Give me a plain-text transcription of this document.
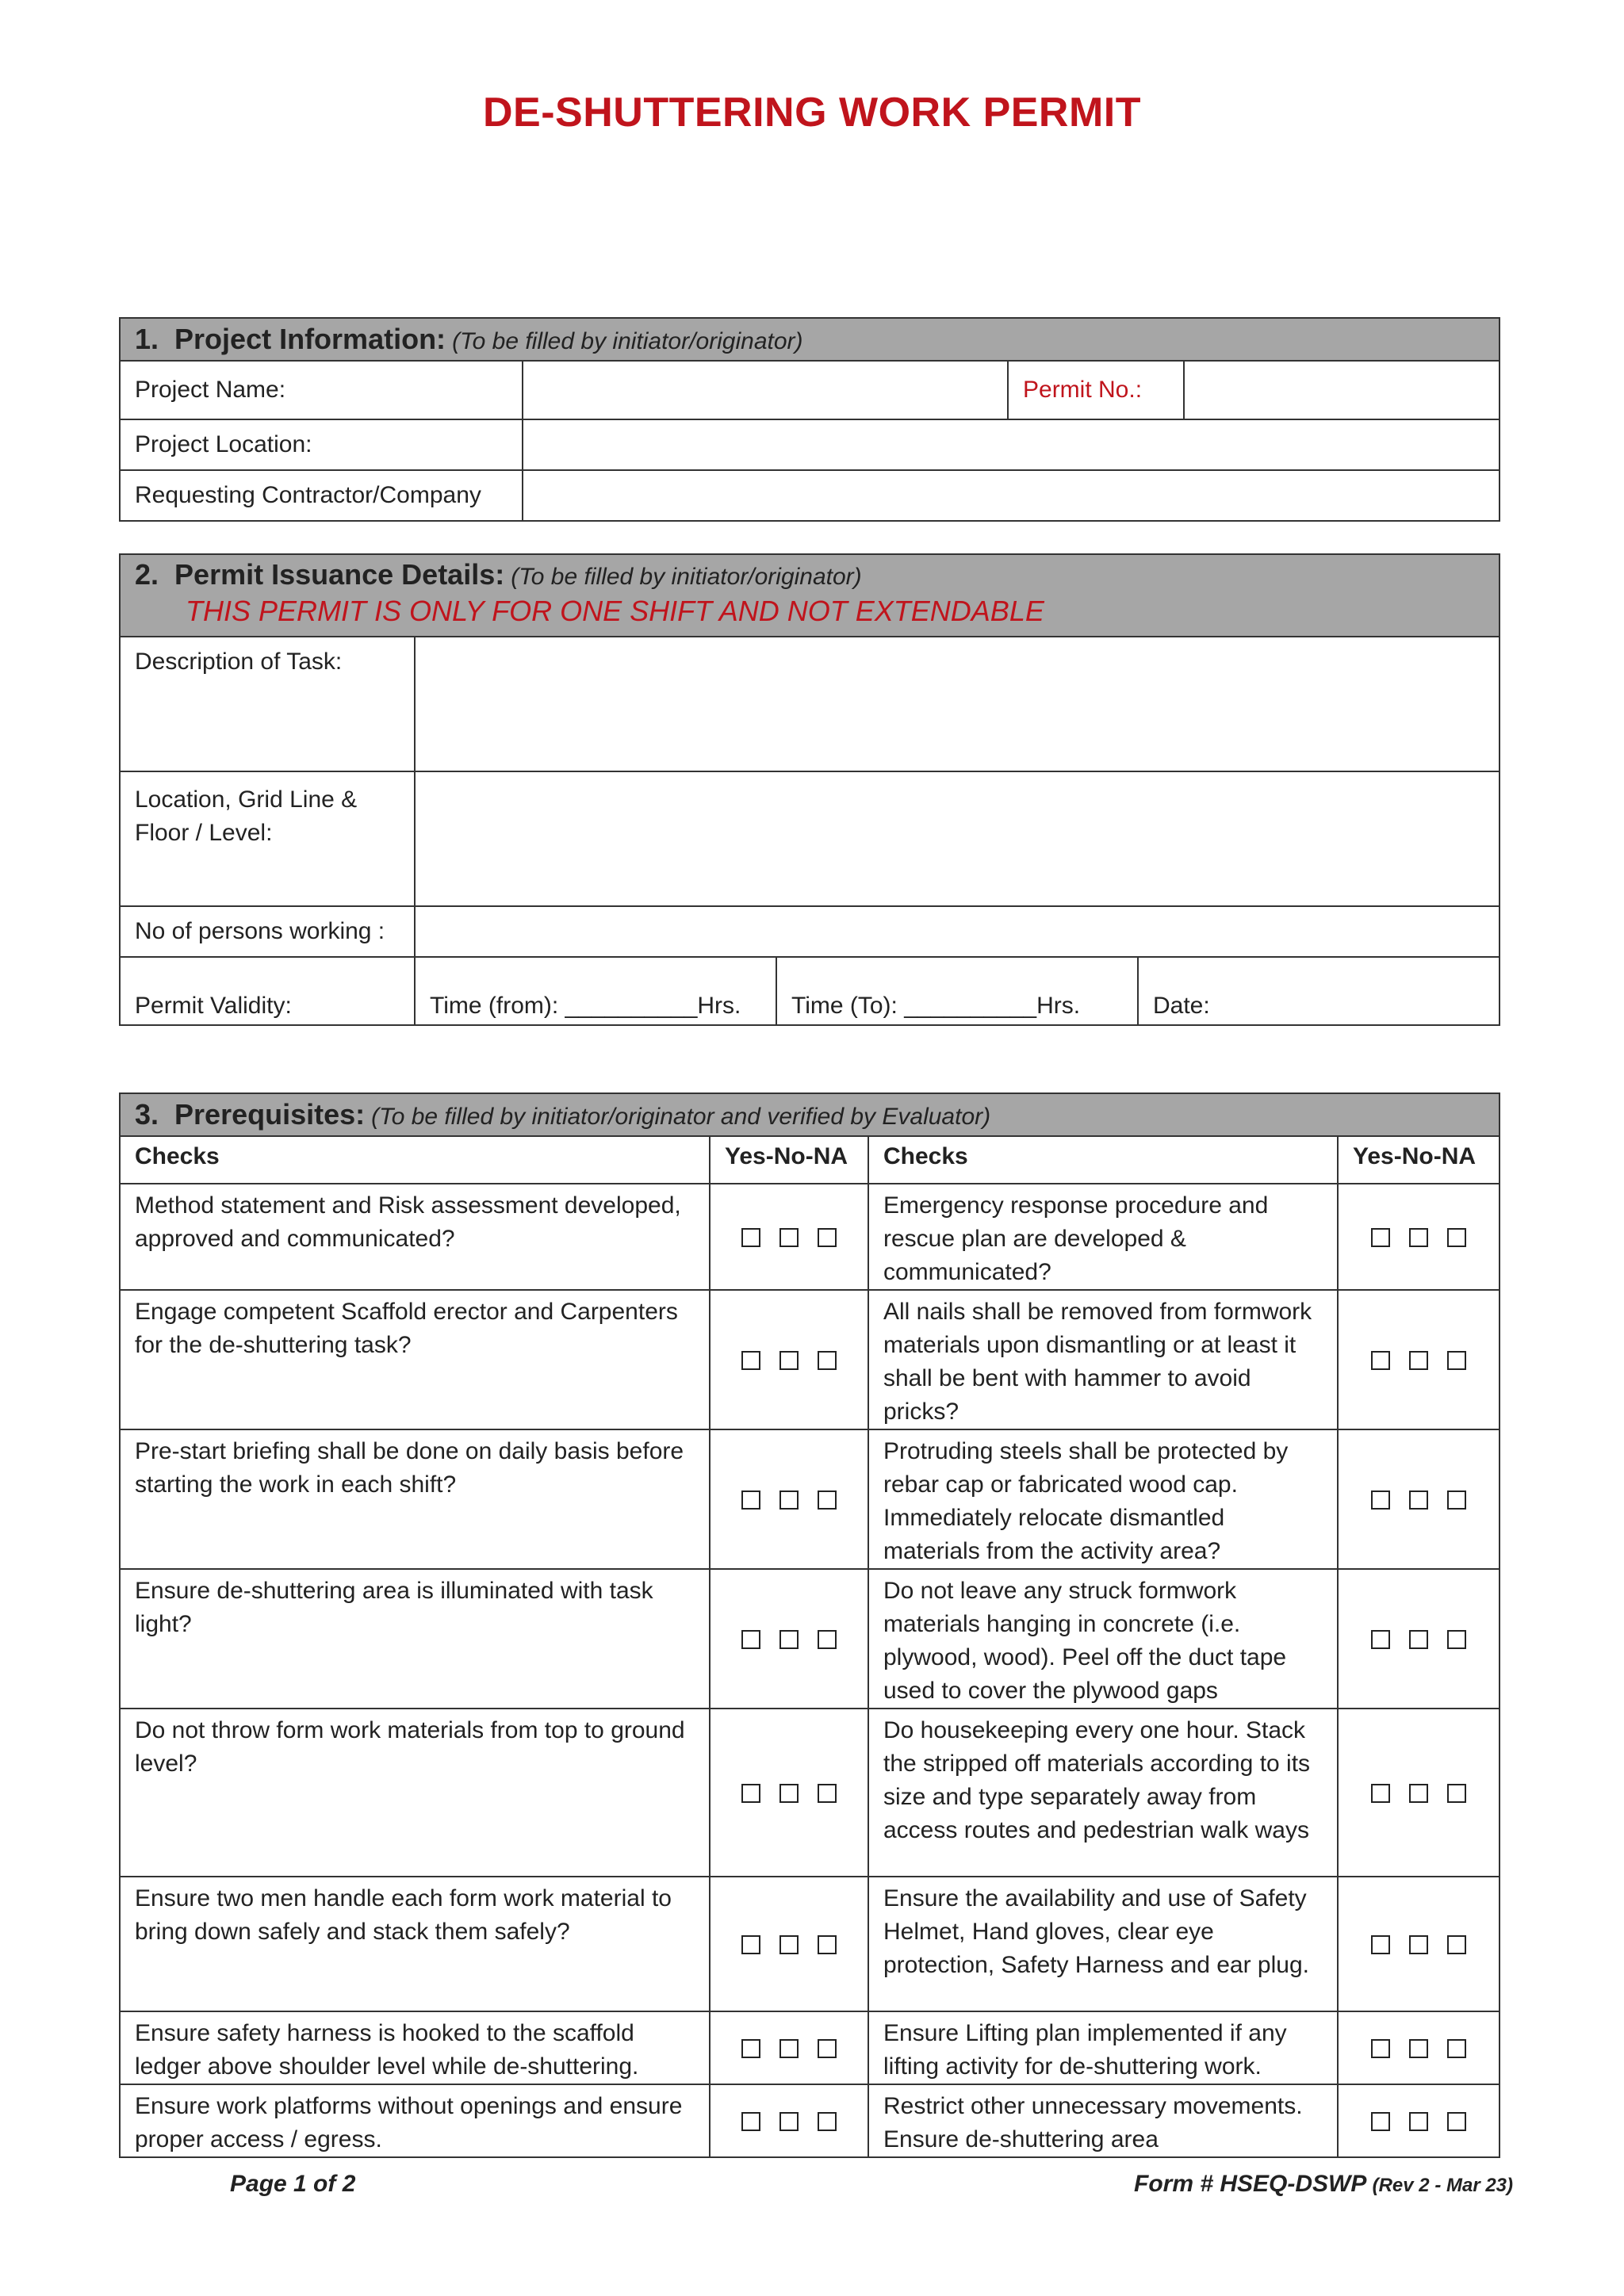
DE-SHUTTERING WORK PERMIT
1. Project Information: (To be filled by initiator/originator)			
Project Name:		Permit No.:	
Project Location:			
Requesting Contractor/Company			
2. Permit Issuance Details: (To be filled by initiator/originator)
THIS PERMIT IS ONLY FOR ONE SHIFT AND NOT EXTENDABLE			

Description of Task:			
Location, Grid Line &
Floor / Level:			
No of persons working :			
Permit Validity:	Time (from): __________Hrs.	Time (To): __________Hrs.	Date:
3. Prerequisites: (To be filled by initiator/originator and verified by Evaluator)			
Checks	Yes-No-NA	Checks	Yes-No-NA
Method statement and Risk assessment developed, approved and communicated?		Emergency response procedure and rescue plan are developed & communicated?	
Engage competent Scaffold erector and Carpenters for the de-shuttering task?		All nails shall be removed from formwork materials upon dismantling or at least it shall be bent with hammer to avoid pricks?	
Pre-start briefing shall be done on daily basis before starting the work in each shift?		Protruding steels shall be protected by rebar cap or fabricated wood cap. Immediately relocate dismantled materials from the activity area?	
Ensure de-shuttering area is illuminated with task light?		Do not leave any struck formwork materials hanging in concrete (i.e. plywood, wood). Peel off the duct tape used to cover the plywood gaps	
Do not throw form work materials from top to ground level?		Do housekeeping every one hour. Stack the stripped off materials according to its size and type separately away from access routes and pedestrian walk ways	
Ensure two men handle each form work material to bring down safely and stack them safely?		Ensure the availability and use of Safety Helmet, Hand gloves, clear eye protection, Safety Harness and ear plug.	
Ensure safety harness is hooked to the scaffold ledger above shoulder level while de-shuttering.		Ensure Lifting plan implemented if any lifting activity for de-shuttering work.	
Ensure work platforms without openings and ensure proper access / egress.		Restrict other unnecessary movements. Ensure de-shuttering area	
Page 1 of 2	Form # HSEQ-DSWP (Rev 2 - Mar 23)
